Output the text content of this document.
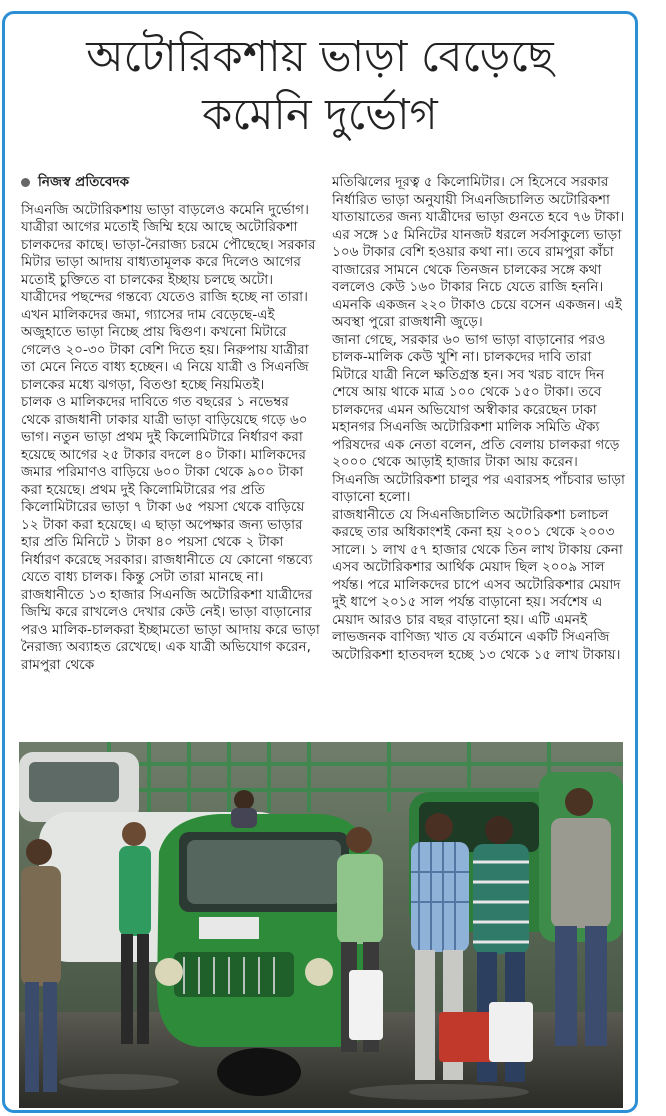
অটোরিকশায় ভাড়া বেড়েছে
কমেনি দুর্ভোগ
নিজস্ব প্রতিবেদক

সিএনজি অটোরিকশায় ভাড়া বাড়লেও কমেনি দুর্ভোগ। যাত্রীরা আগের মতোই জিম্মি হয়ে আছে অটোরিকশা চালকদের কাছে। ভাড়া-নৈরাজ্য চরমে পৌছেছে। সরকার মিটার ভাড়া আদায় বাধ্যতামূলক করে দিলেও আগের মতোই চুক্তিতে বা চালকের ইচ্ছায় চলছে অটো। যাত্রীদের পছন্দের গন্তব্যে যেতেও রাজি হচ্ছে না তারা। এখন মালিকদের জমা, গ্যাসের দাম বেড়েছে-এই অজুহাতে ভাড়া নিচ্ছে প্রায় দ্বিগুণ। কখনো মিটারে গেলেও ২০-৩০ টাকা বেশি দিতে হয়। নিরুপায় যাত্রীরা তা মেনে নিতে বাধ্য হচ্ছেন। এ নিয়ে যাত্রী ও সিএনজি চালকের মধ্যে ঝগড়া, বিতণ্ডা হচ্ছে নিয়মিতই।

চালক ও মালিকদের দাবিতে গত বছরের ১ নভেম্বর থেকে রাজধানী ঢাকার যাত্রী ভাড়া বাড়িয়েছে গড়ে ৬০ ভাগ। নতুন ভাড়া প্রথম দুই কিলোমিটারে নির্ধারণ করা হয়েছে আগের ২৫ টাকার বদলে ৪০ টাকা। মালিকদের জমার পরিমাণও বাড়িয়ে ৬০০ টাকা থেকে ৯০০ টাকা করা হয়েছে। প্রথম দুই কিলোমিটারের পর প্রতি কিলোমিটারের ভাড়া ৭ টাকা ৬৫ পয়সা থেকে বাড়িয়ে ১২ টাকা করা হয়েছে। এ ছাড়া অপেক্ষার জন্য ভাড়ার হার প্রতি মিনিটে ১ টাকা ৪০ পয়সা থেকে ২ টাকা নির্ধারণ করেছে সরকার। রাজধানীতে যে কোনো গন্তব্যে যেতে বাধ্য চালক। কিন্তু সেটা তারা মানছে না।

রাজধানীতে ১৩ হাজার সিএনজি অটোরিকশা যাত্রীদের জিম্মি করে রাখলেও দেখার কেউ নেই। ভাড়া বাড়ানোর পরও মালিক-চালকরা ইচ্ছামতো ভাড়া আদায় করে ভাড়া নৈরাজ্য অব্যাহত রেখেছে। এক যাত্রী অভিযোগ করেন, রামপুরা থেকে

মতিঝিলের দূরত্ব ৫ কিলোমিটার। সে হিসেবে সরকার নির্ধারিত ভাড়া অনুযায়ী সিএনজিচালিত অটোরিকশা যাতায়াতের জন্য যাত্রীদের ভাড়া গুনতে হবে ৭৬ টাকা। এর সঙ্গে ১৫ মিনিটের যানজট ধরলে সর্বসাকুল্যে ভাড়া ১০৬ টাকার বেশি হওয়ার কথা না। তবে রামপুরা কাঁচা বাজারের সামনে থেকে তিনজন চালকের সঙ্গে কথা বললেও কেউ ১৬০ টাকার নিচে যেতে রাজি হননি। এমনকি একজন ২২০ টাকাও চেয়ে বসেন একজন। এই অবস্থা পুরো রাজধানী জুড়ে।

জানা গেছে, সরকার ৬০ ভাগ ভাড়া বাড়ানোর পরও চালক-মালিক কেউ খুশি না। চালকদের দাবি তারা মিটারে যাত্রী নিলে ক্ষতিগ্রস্ত হন। সব খরচ বাদে দিন শেষে আয় থাকে মাত্র ১০০ থেকে ১৫০ টাকা। তবে চালকদের এমন অভিযোগ অস্বীকার করেছেন ঢাকা মহানগর সিএনজি অটোরিকশা মালিক সমিতি ঐক্য পরিষদের এক নেতা বলেন, প্রতি বেলায় চালকরা গড়ে ২০০০ থেকে আড়াই হাজার টাকা আয় করেন। সিএনজি অটোরিকশা চালুর পর এবারসহ পাঁচবার ভাড়া বাড়ানো হলো।

রাজধানীতে যে সিএনজিচালিত অটোরিকশা চলাচল করছে তার অধিকাংশই কেনা হয় ২০০১ থেকে ২০০৩ সালে। ১ লাখ ৫৭ হাজার থেকে তিন লাখ টাকায় কেনা এসব অটোরিকশার আর্থিক মেয়াদ ছিল ২০০৯ সাল পর্যন্ত। পরে মালিকদের চাপে এসব অটোরিকশার মেয়াদ দুই ধাপে ২০১৫ সাল পর্যন্ত বাড়ানো হয়। সর্বশেষ এ মেয়াদ আরও চার বছর বাড়ানো হয়। এটি এমনই লাভজনক বাণিজ্য খাত যে বর্তমানে একটি সিএনজি অটোরিকশা হাতবদল হচ্ছে ১৩ থেকে ১৫ লাখ টাকায়।
